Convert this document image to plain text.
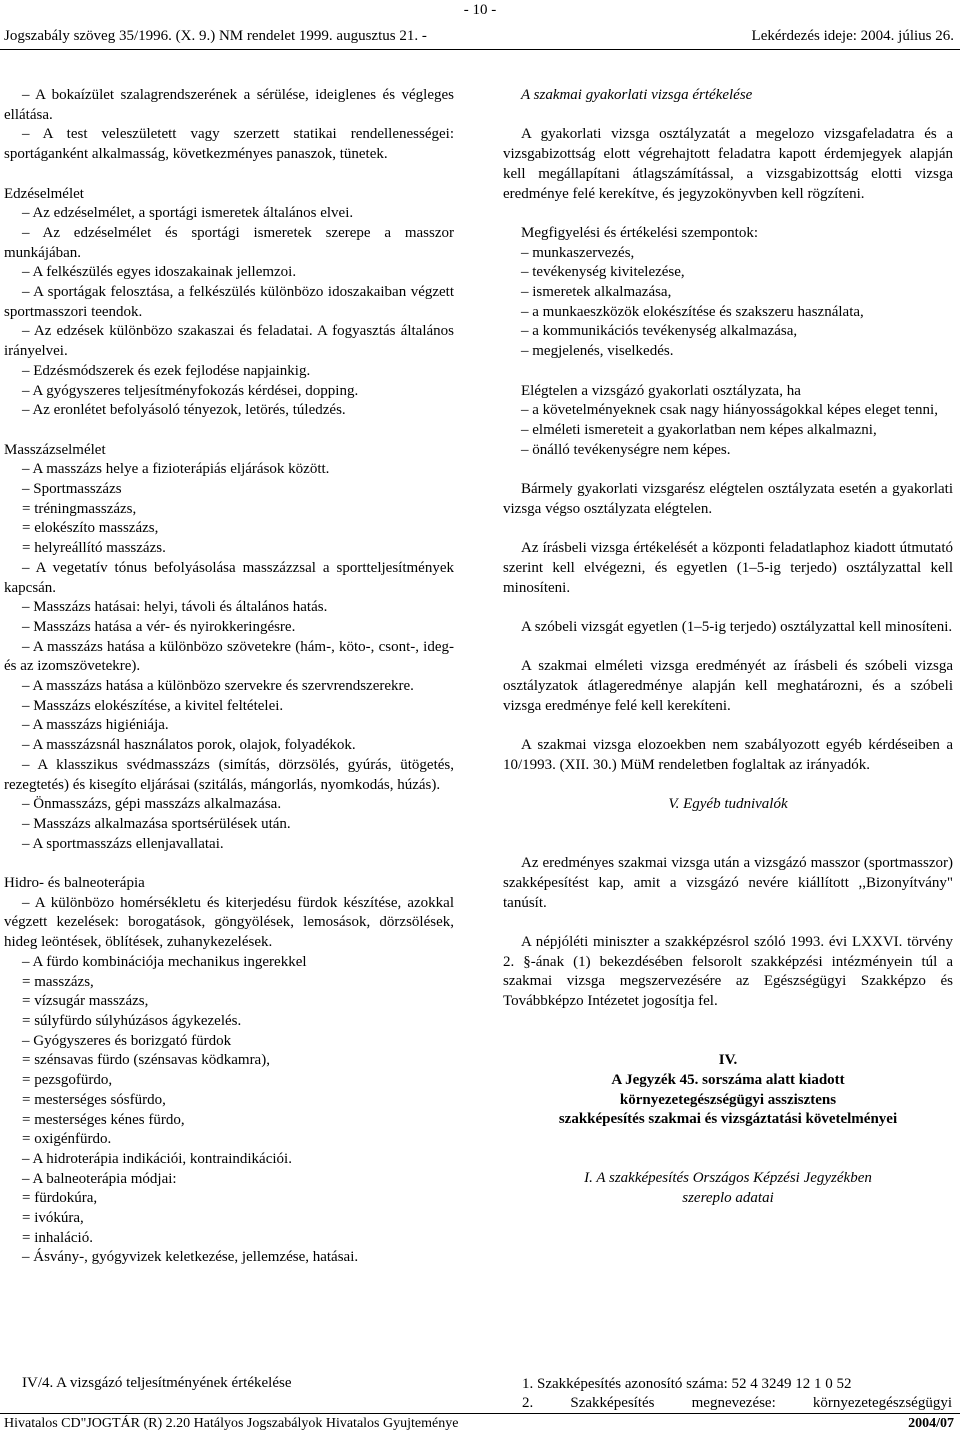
- 10 -
Jogszabály szöveg 35/1996. (X. 9.) NM rendelet 1999. augusztus 21. -	Lekérdezés ideje: 2004. július 26.

– A bokaízület szalagrendszerének a sérülése, ideiglenes és végleges ellátása.

– A test veleszületett vagy szerzett statikai rendellenességei: sportáganként alkalmasság, következményes panaszok, tünetek.

Edzéselmélet

– Az edzéselmélet, a sportági ismeretek általános elvei.

– Az edzéselmélet és sportági ismeretek szerepe a masszor munkájában.

– A felkészülés egyes idoszakainak jellemzoi.

– A sportágak felosztása, a felkészülés különbözo idoszakaiban végzett sportmasszori teendok.

– Az edzések különbözo szakaszai és feladatai. A fogyasztás általános irányelvei.

– Edzésmódszerek és ezek fejlodése napjainkig.

– A gyógyszeres teljesítményfokozás kérdései, dopping.

– Az eronlétet befolyásoló tényezok, letörés, túledzés.

Masszázselmélet

– A masszázs helye a fizioterápiás eljárások között.

– Sportmasszázs

= tréningmasszázs,

= elokészíto masszázs,

= helyreállító masszázs.

– A vegetatív tónus befolyásolása masszázzsal a sportteljesítmények kapcsán.

– Masszázs hatásai: helyi, távoli és általános hatás.

– Masszázs hatása a vér- és nyirokkeringésre.

– A masszázs hatása a különbözo szövetekre (hám-, köto-, csont-, ideg- és az izomszövetekre).

– A masszázs hatása a különbözo szervekre és szervrendszerekre.

– Masszázs elokészítése, a kivitel feltételei.

– A masszázs higiéniája.

– A masszázsnál használatos porok, olajok, folyadékok.

– A klasszikus svédmasszázs (simítás, dörzsölés, gyúrás, ütögetés, rezegtetés) és kisegíto eljárásai (szitálás, mángorlás, nyomkodás, húzás).

– Önmasszázs, gépi masszázs alkalmazása.

– Masszázs alkalmazása sportsérülések után.

– A sportmasszázs ellenjavallatai.

Hidro- és balneoterápia

– A különbözo homérsékletu és kiterjedésu fürdok készítése, azokkal végzett kezelések: borogatások, göngyölések, lemosások, dörzsölések, hideg leöntések, öblítések, zuhanykezelések.

– A fürdo kombinációja mechanikus ingerekkel

= masszázs,

= vízsugár masszázs,

= súlyfürdo súlyhúzásos ágykezelés.

– Gyógyszeres és borizgató fürdok

= szénsavas fürdo (szénsavas ködkamra),

= pezsgofürdo,

= mesterséges sósfürdo,

= mesterséges kénes fürdo,

= oxigénfürdo.

– A hidroterápia indikációi, kontraindikációi.

– A balneoterápia módjai:

= fürdokúra,

= ivókúra,

= inhaláció.

– Ásvány-, gyógyvizek keletkezése, jellemzése, hatásai.

A szakmai gyakorlati vizsga értékelése

A gyakorlati vizsga osztályzatát a megelozo vizsgafeladatra és a vizsgabizottság elott végrehajtott feladatra kapott érdemjegyek alapján kell megállapítani átlagszámítással, a vizsgabizottság elotti vizsga eredménye felé kerekítve, és jegyzokönyvben kell rögzíteni.

Megfigyelési és értékelési szempontok:

– munkaszervezés,

– tevékenység kivitelezése,

– ismeretek alkalmazása,

– a munkaeszközök elokészítése és szakszeru használata,

– a kommunikációs tevékenység alkalmazása,

– megjelenés, viselkedés.

Elégtelen a vizsgázó gyakorlati osztályzata, ha

– a követelményeknek csak nagy hiányosságokkal képes eleget tenni,

– elméleti ismereteit a gyakorlatban nem képes alkalmazni,

– önálló tevékenységre nem képes.

Bármely gyakorlati vizsgarész elégtelen osztályzata esetén a gyakorlati vizsga végso osztályzata elégtelen.

Az írásbeli vizsga értékelését a központi feladatlaphoz kiadott útmutató szerint kell elvégezni, és egyetlen (1–5-ig terjedo) osztályzattal kell minosíteni.

A szóbeli vizsgát egyetlen (1–5-ig terjedo) osztályzattal kell minosíteni.

A szakmai elméleti vizsga eredményét az írásbeli és szóbeli vizsga osztályzatok átlageredménye alapján kell meghatározni, és a szóbeli vizsga eredménye felé kell kerekíteni.

A szakmai vizsga elozoekben nem szabályozott egyéb kérdéseiben a 10/1993. (XII. 30.) MüM rendeletben foglaltak az irányadók.

V. Egyéb tudnivalók

Az eredményes szakmai vizsga után a vizsgázó masszor (sportmasszor) szakképesítést kap, amit a vizsgázó nevére kiállított ,,Bizonyítvány" tanúsít.

A népjóléti miniszter a szakképzésrol szóló 1993. évi LXXVI. törvény 2. §-ának (1) bekezdésében felsorolt szakképzési intézményein túl a szakmai vizsga megszervezésére az Egészségügyi Szakképzo és Továbbképzo Intézetet jogosítja fel.

IV.

A Jegyzék 45. sorszáma alatt kiadott

környezetegészségügyi asszisztens

szakképesítés szakmai és vizsgáztatási követelményei

I. A szakképesítés Országos Képzési Jegyzékben

szereplo adatai

IV/4. A vizsgázó teljesítményének értékelése	1. Szakképesítés azonosító száma: 52 4 3249 12 1 0 52
2. Szakképesítés megnevezése: környezetegészségügyi
Hivatalos CD"JOGTÁR (R) 2.20 Hatályos Jogszabályok Hivatalos Gyujteménye	2004/07
